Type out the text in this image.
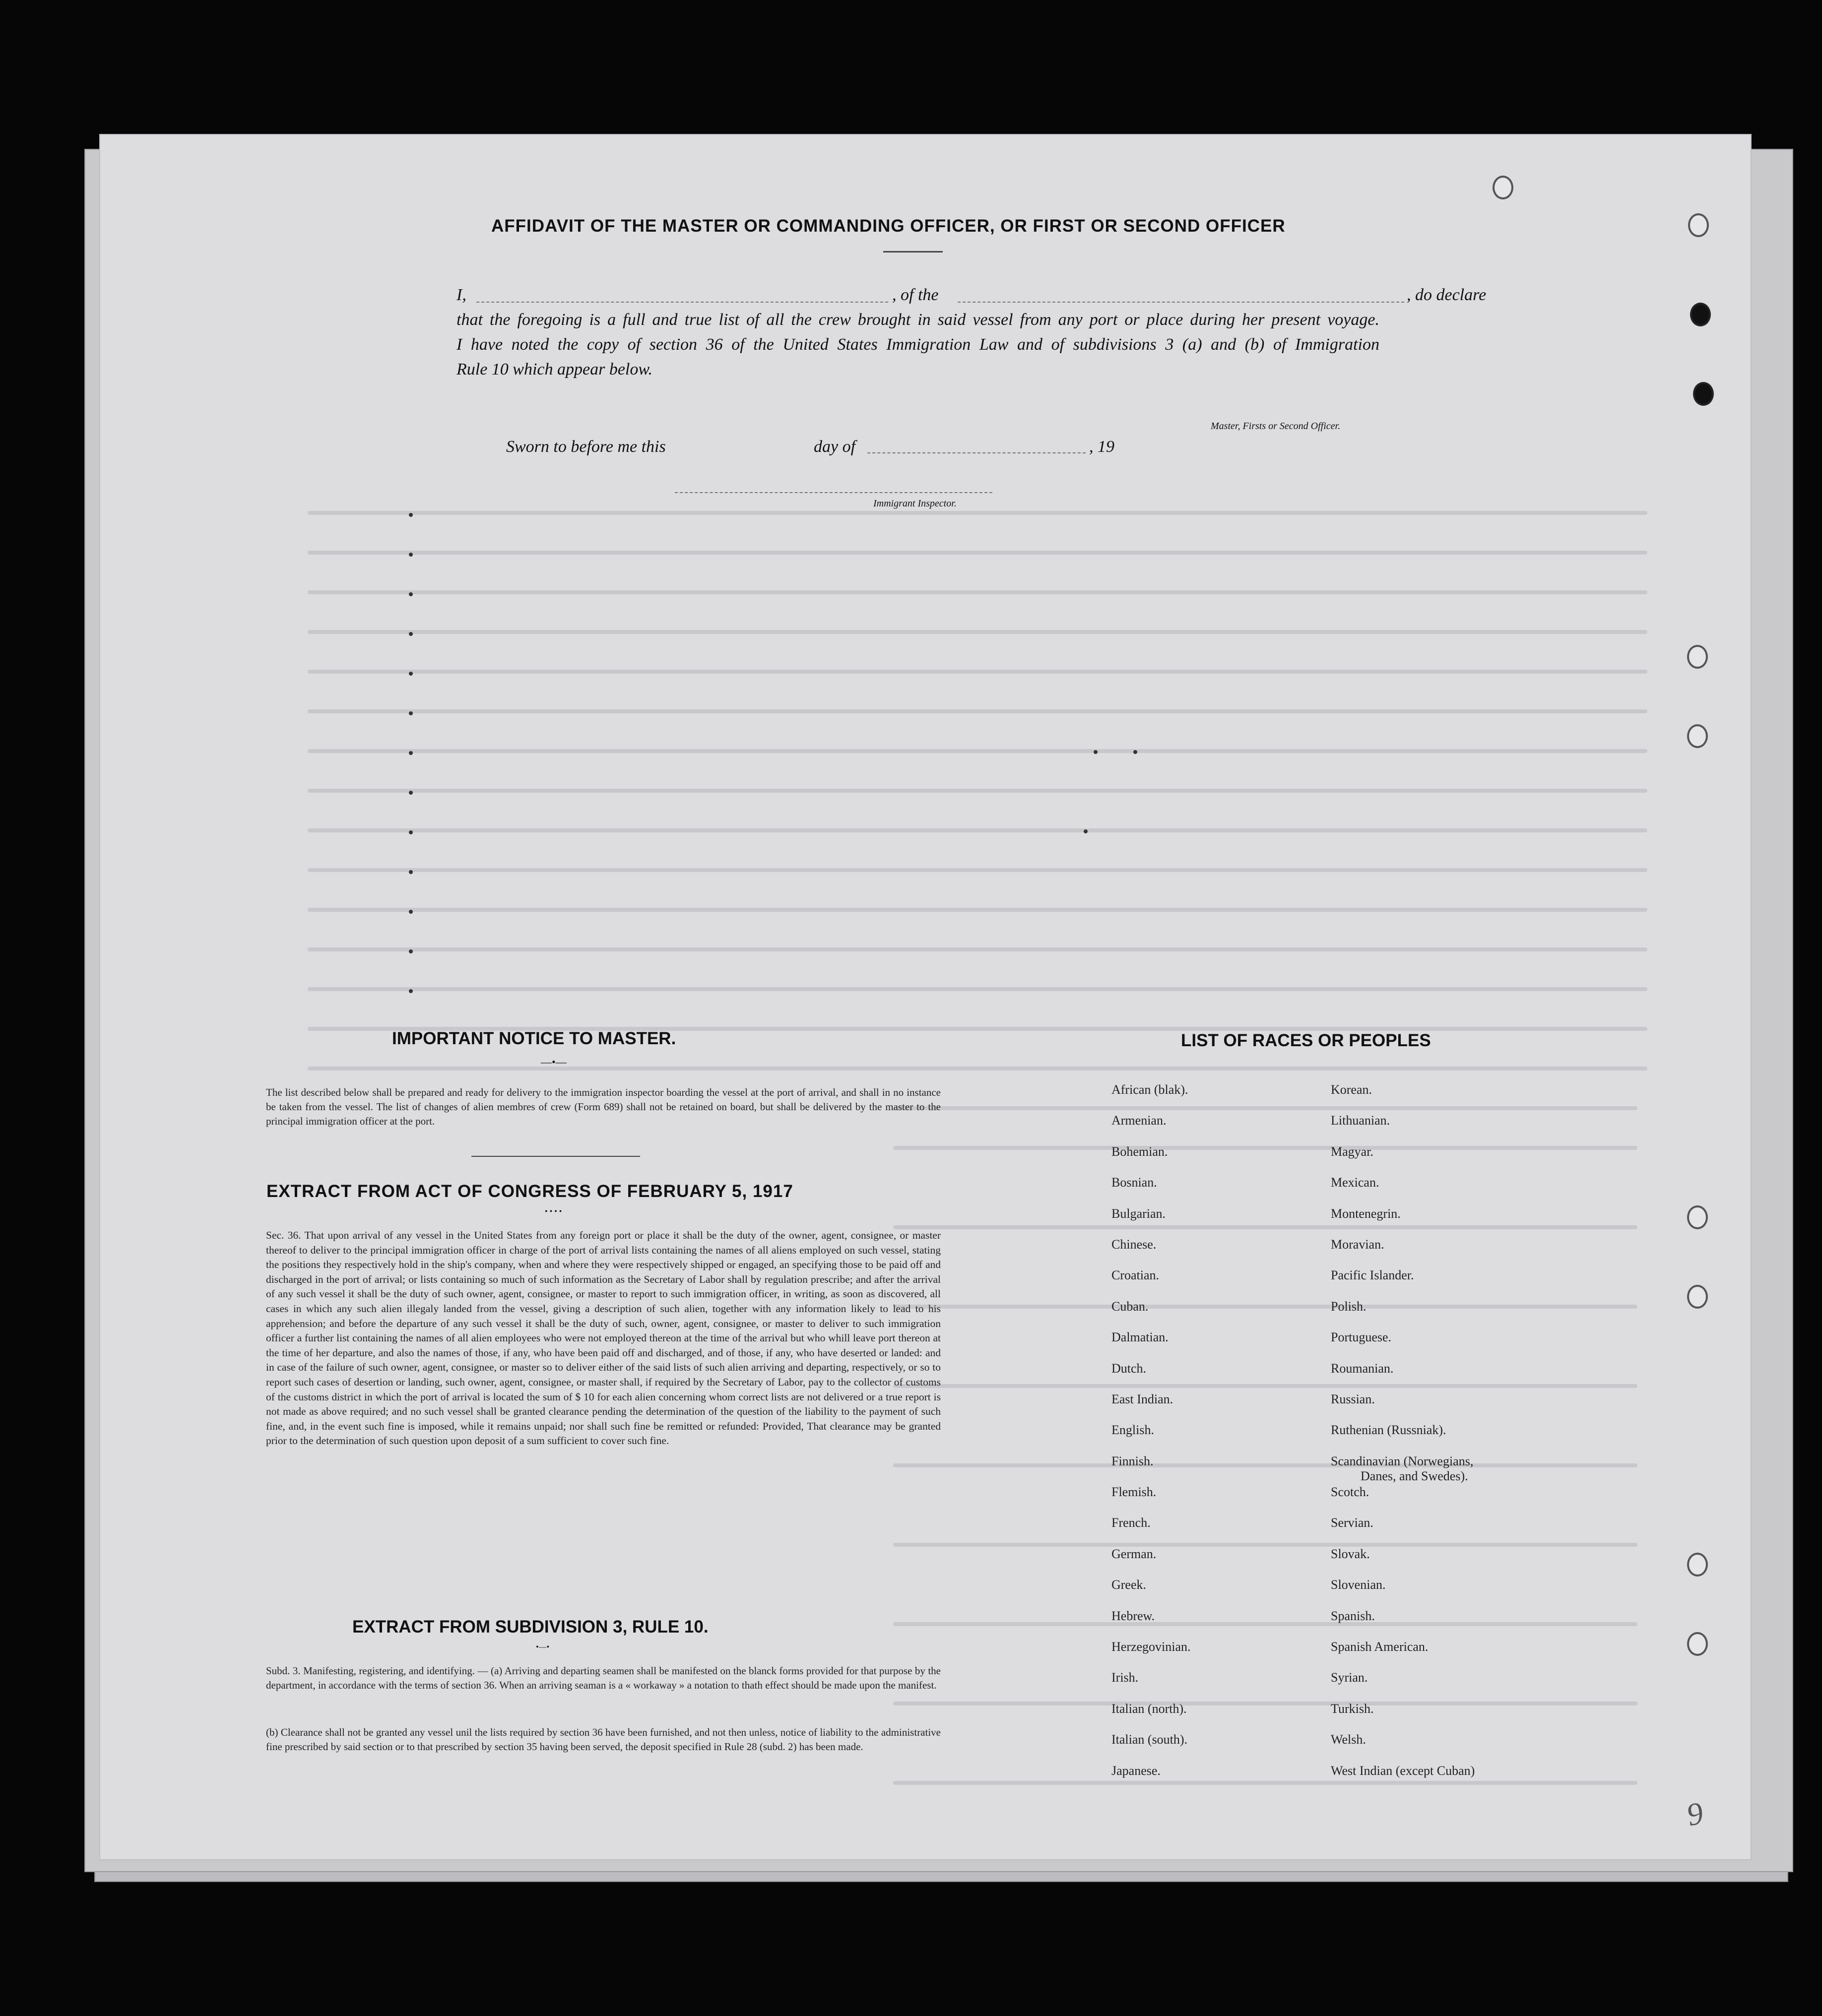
AFFIDAVIT OF THE MASTER OR COMMANDING OFFICER, OR FIRST OR SECOND OFFICER
I,	, of the	, do declare
that the foregoing is a full and true list of all the crew brought in said vessel from any port or place during her present voyage.
I have noted the copy of section 36 of the United States Immigration Law and of subdivisions 3 (a) and (b) of Immigration
Rule 10 which appear below.
Master, Firsts or Second Officer.
Sworn to before me this	day of	, 19
Immigrant Inspector.
IMPORTANT NOTICE TO MASTER.
—•—
The list described below shall be prepared and ready for delivery to the immigration inspector boarding the vessel at the port of arrival, and shall in no instance be taken from the vessel. The list of changes of alien membres of crew (Form 689) shall not be retained on board, but shall be delivered by the master to the principal immigration officer at the port.
EXTRACT FROM ACT OF CONGRESS OF FEBRUARY 5, 1917
• • • •
Sec. 36. That upon arrival of any vessel in the United States from any foreign port or place it shall be the duty of the owner, agent, consignee, or master thereof to deliver to the principal immigration officer in charge of the port of arrival lists containing the names of all aliens employed on such vessel, stating the positions they respectively hold in the ship's company, when and where they were respectively shipped or engaged, an specifying those to be paid off and discharged in the port of arrival; or lists containing so much of such information as the Secretary of Labor shall by regulation prescribe; and after the arrival of any such vessel it shall be the duty of such owner, agent, consignee, or master to report to such immigration officer, in writing, as soon as discovered, all cases in which any such alien illegaly landed from the vessel, giving a description of such alien, together with any information likely to lead to his apprehension; and before the departure of any such vessel it shall be the duty of such, owner, agent, consignee, or master to deliver to such immigration officer a further list containing the names of all alien employees who were not employed thereon at the time of the arrival but who whill leave port thereon at the time of her departure, and also the names of those, if any, who have been paid off and discharged, and of those, if any, who have deserted or landed: and in case of the failure of such owner, agent, consignee, or master so to deliver either of the said lists of such alien arriving and departing, respectively, or so to report such cases of desertion or landing, such owner, agent, consignee, or master shall, if required by the Secretary of Labor, pay to the collector of customs of the customs district in which the port of arrival is located the sum of $ 10 for each alien concerning whom correct lists are not delivered or a true report is not made as above required; and no such vessel shall be granted clearance pending the determination of the question of the liability to the payment of such fine, and, in the event such fine is imposed, while it remains unpaid; nor shall such fine be remitted or refunded: Provided, That clearance may be granted prior to the determination of such question upon deposit of a sum sufficient to cover such fine.
EXTRACT FROM SUBDIVISION 3, RULE 10.
•—•
Subd. 3. Manifesting, registering, and identifying. — (a) Arriving and departing seamen shall be manifested on the blanck forms provided for that purpose by the department, in accordance with the terms of section 36. When an arriving seaman is a « workaway » a notation to thath effect should be made upon the manifest.
(b) Clearance shall not be granted any vessel unil the lists required by section 36 have been furnished, and not then unless, notice of liability to the administrative fine prescribed by said section or to that prescribed by section 35 having been served, the deposit specified in Rule 28 (subd. 2) has been made.
LIST OF RACES OR PEOPLES
African (blak).
Armenian.
Bohemian.
Bosnian.
Bulgarian.
Chinese.
Croatian.
Cuban.
Dalmatian.
Dutch.
East Indian.
English.
Finnish.
Flemish.
French.
German.
Greek.
Hebrew.
Herzegovinian.
Irish.
Italian (north).
Italian (south).
Japanese.
Korean.
Lithuanian.
Magyar.
Mexican.
Montenegrin.
Moravian.
Pacific Islander.
Polish.
Portuguese.
Roumanian.
Russian.
Ruthenian (Russniak).
Scandinavian (Norwegians,
Danes, and Swedes).
Scotch.
Servian.
Slovak.
Slovenian.
Spanish.
Spanish American.
Syrian.
Turkish.
Welsh.
West Indian (except Cuban)
9
